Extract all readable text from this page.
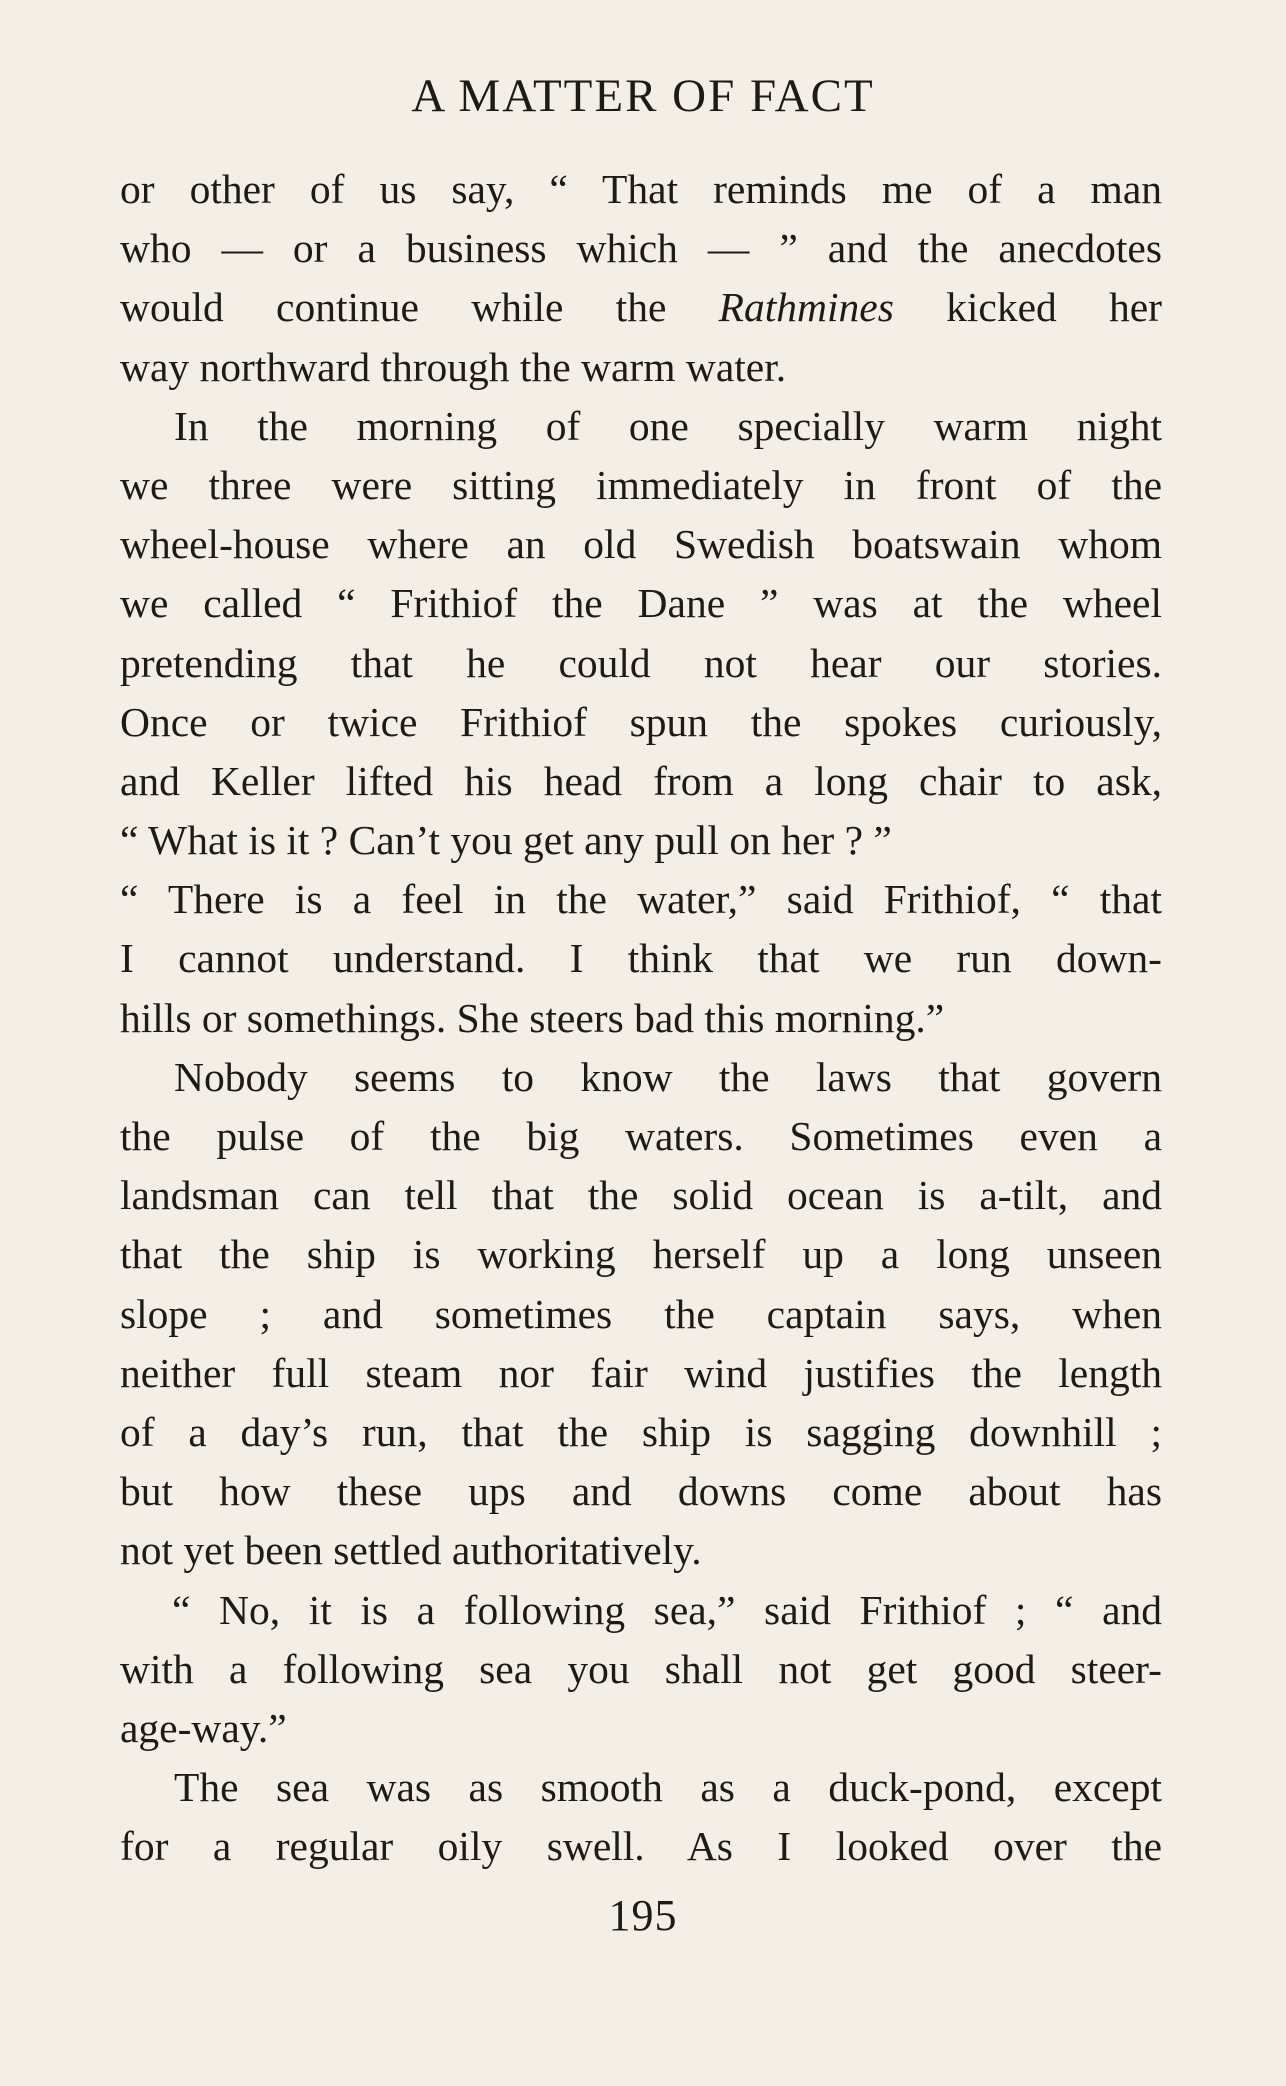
A MATTER OF FACT
or other of us say, “ That reminds me of a man
who — or a business which — ” and the anecdotes
would continue while the Rathmines kicked her
way northward through the warm water.
In the morning of one specially warm night
we three were sitting immediately in front of the
wheel-house where an old Swedish boatswain whom
we called “ Frithiof the Dane ” was at the wheel
pretending that he could not hear our stories.
Once or twice Frithiof spun the spokes curiously,
and Keller lifted his head from a long chair to ask,
“ What is it ? Can’t you get any pull on her ? ”
“ There is a feel in the water,” said Frithiof, “ that
I cannot understand. I think that we run down-
hills or somethings. She steers bad this morning.”
Nobody seems to know the laws that govern
the pulse of the big waters. Sometimes even a
landsman can tell that the solid ocean is a-tilt, and
that the ship is working herself up a long unseen
slope ; and sometimes the captain says, when
neither full steam nor fair wind justifies the length
of a day’s run, that the ship is sagging downhill ;
but how these ups and downs come about has
not yet been settled authoritatively.
“ No, it is a following sea,” said Frithiof ; “ and
with a following sea you shall not get good steer-
age-way.”
The sea was as smooth as a duck-pond, except
for a regular oily swell. As I looked over the
195
